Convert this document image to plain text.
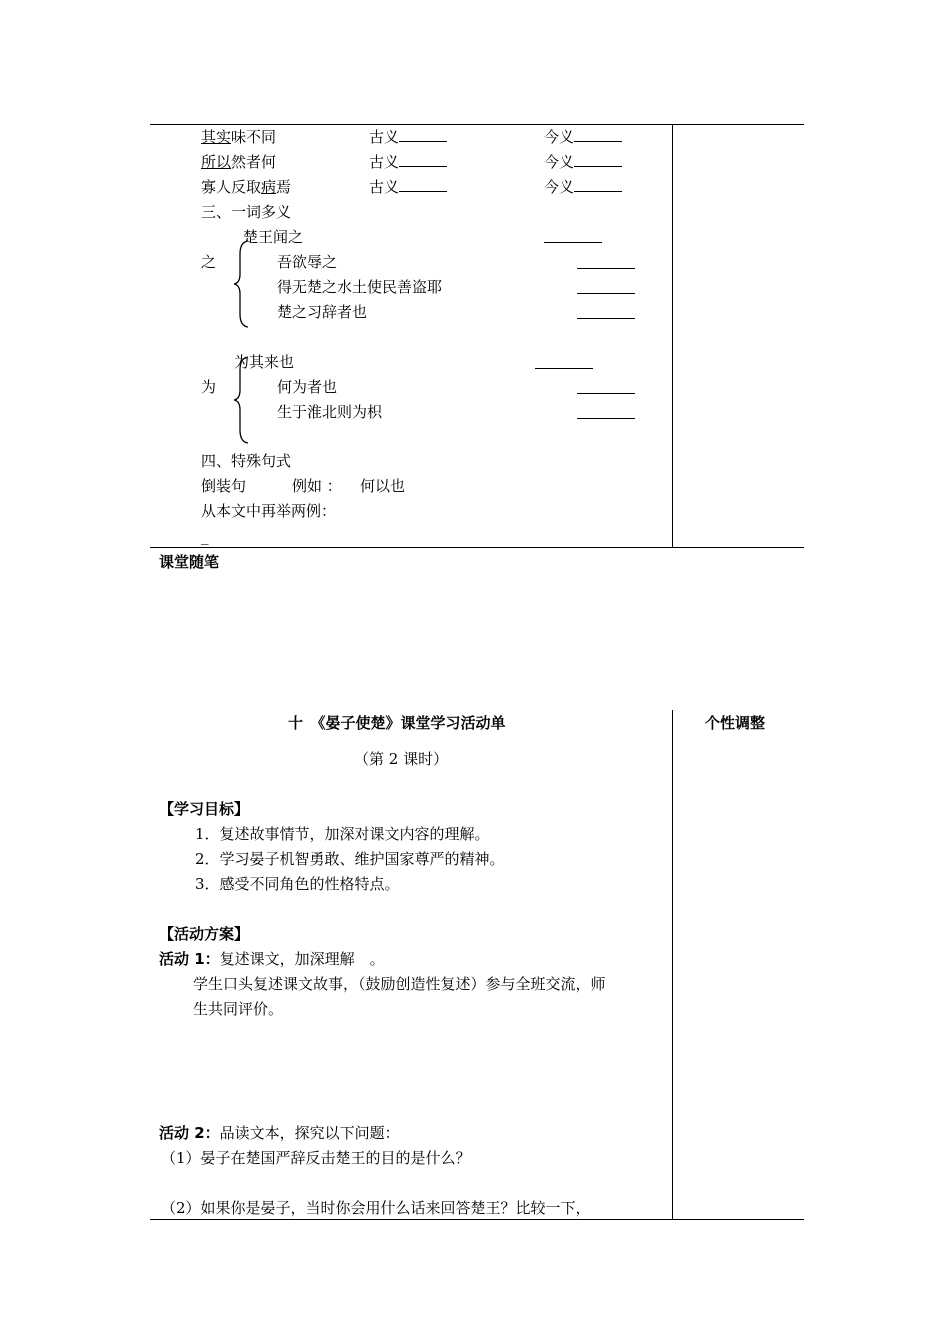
其实味不同	古义	今义
所以然者何	古义	今义
寡人反取病焉	古义	今义
三、一词多义
楚王闻之
之	吾欲辱之
得无楚之水土使民善盗耶
楚之习辞者也
为其来也
为	何为者也
生于淮北则为枳
四、特殊句式
倒装句	例如 ： 何以也
从本文中再举两例：
_
课堂随笔
十　《晏子使楚》课堂学习活动单	个性调整
（第 2 课时）
【学习目标】
1．复述故事情节，加深对课文内容的理解。
2．学习晏子机智勇敢、维护国家尊严的精神。
3．感受不同角色的性格特点。
【活动方案】
活动 1：复述课文，加深理解　。
学生口头复述课文故事，（鼓励创造性复述）参与全班交流，师
生共同评价。
活动 2：品读文本，探究以下问题：
（1）晏子在楚国严辞反击楚王的目的是什么？
（2）如果你是晏子，当时你会用什么话来回答楚王？比较一下，
